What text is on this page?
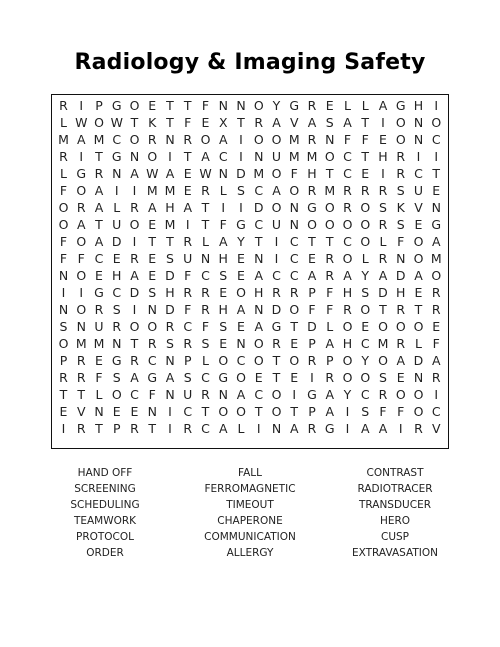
Radiology & Imaging Safety
R I P G O E T T F N N O Y G R E L L A G H I
L W O W T K T F E X T R A V A S A T I O N O
M A M C O R N R O A I O O M R N F F E O N C
R I T G N O I T A C I N U M M O C T H R I	I
L G R N A W A E W N D M O F H T C E I R C T
F O A I	I M M E R L S C A O R M R R R S U E
O R A L R A H A T I	I D O N G O R O S K V N
O A T U O E M I T F G C U N O O O O R S E G
F O A D I T T R L A Y T I C T T C O L F O A
F F C E R E S U N H E N I C E R O L R N O M
N O E H A E D F C S E A C C A R A Y A D A O
I	I G C D S H R R E O H R R P F H S D H E R
N O R S I N D F R H A N D O F F R O T R T R
S N U R O O R C F S E A G T D L O E O O O E
O M M N T R S R S E N O R E P A H C M R L F
P R E G R C N P L O C O T O R P O Y O A D A
R R F S A G A S C G O E T E I R O O S E N R
T T L O C F N U R N A C O I G A Y C R O O I
E V N E E N I C T O O T O T P A I S F F O C
I R T P R T I R C A L I N A R G I A A I R V
HAND OFF
SCREENING
SCHEDULING
TEAMWORK
PROTOCOL
ORDER
FALL
FERROMAGNETIC
TIMEOUT
CHAPERONE
COMMUNICATION
ALLERGY
CONTRAST
RADIOTRACER
TRANSDUCER
HERO
CUSP
EXTRAVASATION
